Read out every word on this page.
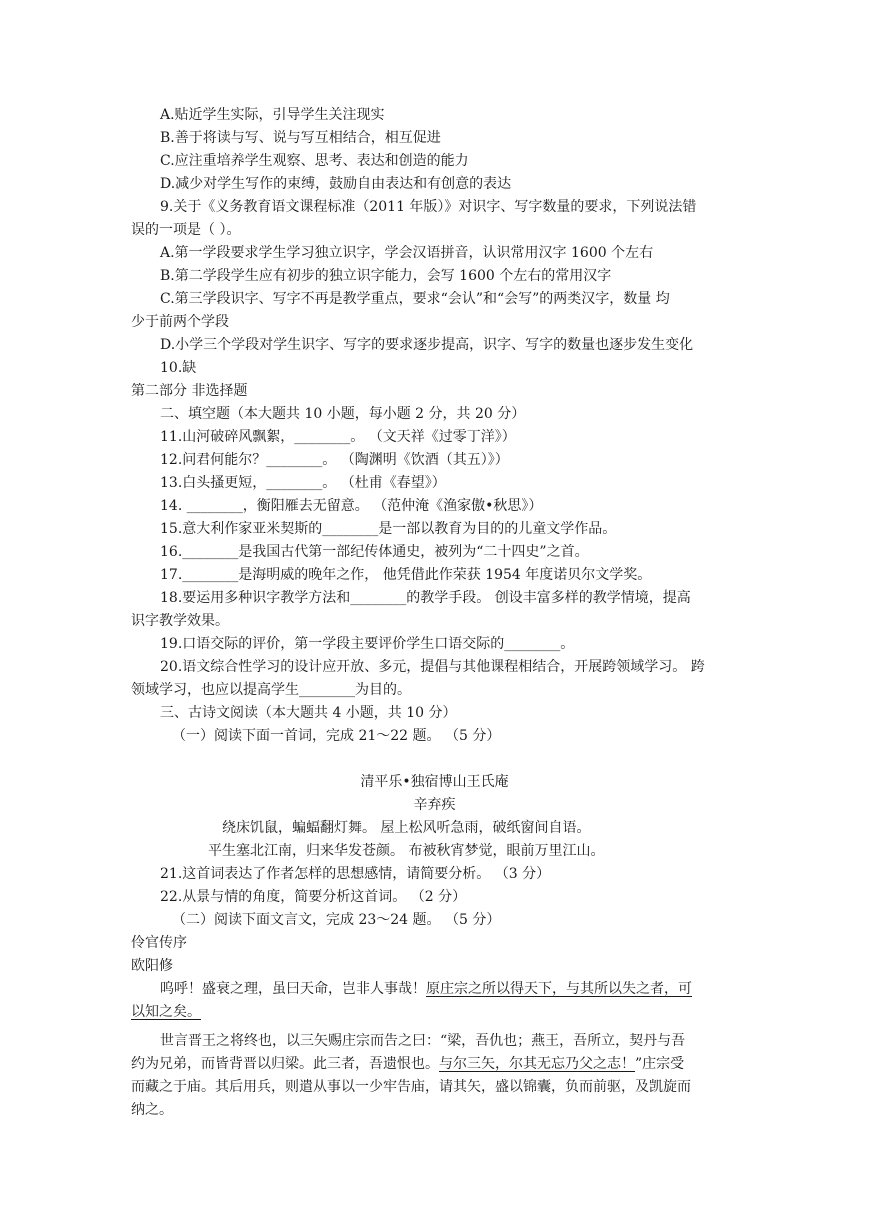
A.贴近学生实际，引导学生关注现实
B.善于将读与写、说与写互相结合，相互促进
C.应注重培养学生观察、思考、表达和创造的能力
D.减少对学生写作的束缚，鼓励自由表达和有创意的表达
9.关于《义务教育语文课程标准（2011 年版）》对识字、写字数量的要求，下列说法错
误的一项是（ ）。
A.第一学段要求学生学习独立识字，学会汉语拼音，认识常用汉字 1600 个左右
B.第二学段学生应有初步的独立识字能力，会写 1600 个左右的常用汉字
C.第三学段识字、写字不再是教学重点，要求“会认”和“会写”的两类汉字，数量 均
少于前两个学段
D.小学三个学段对学生识字、写字的要求逐步提高，识字、写字的数量也逐步发生变化
10.缺
第二部分 非选择题
二、填空题（本大题共 10 小题，每小题 2 分，共 20 分）
11.山河破碎风飘絮，________。 （文天祥《过零丁洋》）
12.问君何能尔？________。 （陶渊明《饮酒（其五）》）
13.白头搔更短，________。 （杜甫《春望》）
14. ________，衡阳雁去无留意。 （范仲淹《渔家傲•秋思》）
15.意大利作家亚米契斯的________是一部以教育为目的的儿童文学作品。
16.________是我国古代第一部纪传体通史，被列为“二十四史”之首。
17.________是海明威的晚年之作， 他凭借此作荣获 1954 年度诺贝尔文学奖。
18.要运用多种识字教学方法和________的教学手段。 创设丰富多样的教学情境，提高
识字教学效果。
19.口语交际的评价，第一学段主要评价学生口语交际的________。
20.语文综合性学习的设计应开放、多元，提倡与其他课程相结合，开展跨领域学习。 跨
领域学习，也应以提高学生________为目的。
三、古诗文阅读（本大题共 4 小题，共 10 分）
（一）阅读下面一首词，完成 21～22 题。 （5 分）
清平乐•独宿博山王氏庵
辛弃疾
绕床饥鼠，蝙蝠翻灯舞。 屋上松风听急雨，破纸窗间自语。
平生塞北江南，归来华发苍颜。 布被秋宵梦觉，眼前万里江山。
21.这首词表达了作者怎样的思想感情，请简要分析。 （3 分）
22.从景与情的角度，简要分析这首词。 （2 分）
（二）阅读下面文言文，完成 23～24 题。 （5 分）
伶官传序
欧阳修
呜呼！盛衰之理，虽曰天命，岂非人事哉！原庄宗之所以得天下，与其所以失之者，可
以知之矣。
世言晋王之将终也，以三矢赐庄宗而告之曰：“梁，吾仇也；燕王，吾所立，契丹与吾
约为兄弟，而皆背晋以归梁。此三者，吾遗恨也。与尔三矢，尔其无忘乃父之志！”庄宗受
而藏之于庙。其后用兵，则遣从事以一少牢告庙，请其矢，盛以锦囊，负而前驱，及凯旋而
纳之。
